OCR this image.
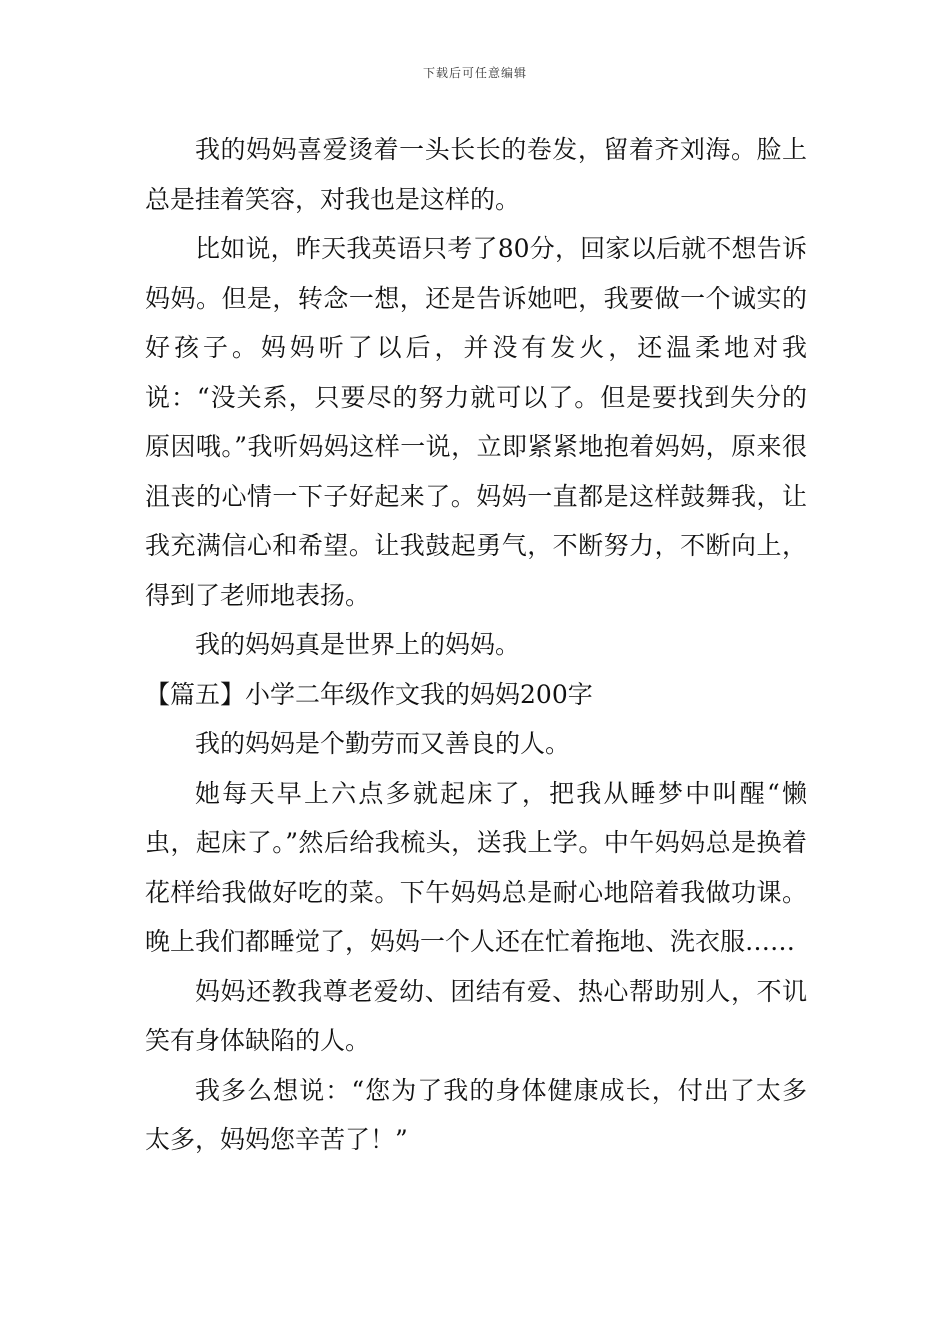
下载后可任意编辑

我的妈妈喜爱烫着一头长长的卷发，留着齐刘海。脸上总是挂着笑容，对我也是这样的。

比如说，昨天我英语只考了80分，回家以后就不想告诉妈妈。但是，转念一想，还是告诉她吧，我要做一个诚实的好孩子。妈妈听了以后，并没有发火，还温柔地对我说：“没关系，只要尽的努力就可以了。但是要找到失分的原因哦。”我听妈妈这样一说，立即紧紧地抱着妈妈，原来很沮丧的心情一下子好起来了。妈妈一直都是这样鼓舞我，让我充满信心和希望。让我鼓起勇气，不断努力，不断向上，得到了老师地表扬。

我的妈妈真是世界上的妈妈。

【篇五】小学二年级作文我的妈妈200字

我的妈妈是个勤劳而又善良的人。

她每天早上六点多就起床了，把我从睡梦中叫醒“懒虫，起床了。”然后给我梳头，送我上学。中午妈妈总是换着花样给我做好吃的菜。下午妈妈总是耐心地陪着我做功课。晚上我们都睡觉了，妈妈一个人还在忙着拖地、洗衣服……

妈妈还教我尊老爱幼、团结有爱、热心帮助别人，不讥笑有身体缺陷的人。

我多么想说：“您为了我的身体健康成长，付出了太多太多，妈妈您辛苦了！”
